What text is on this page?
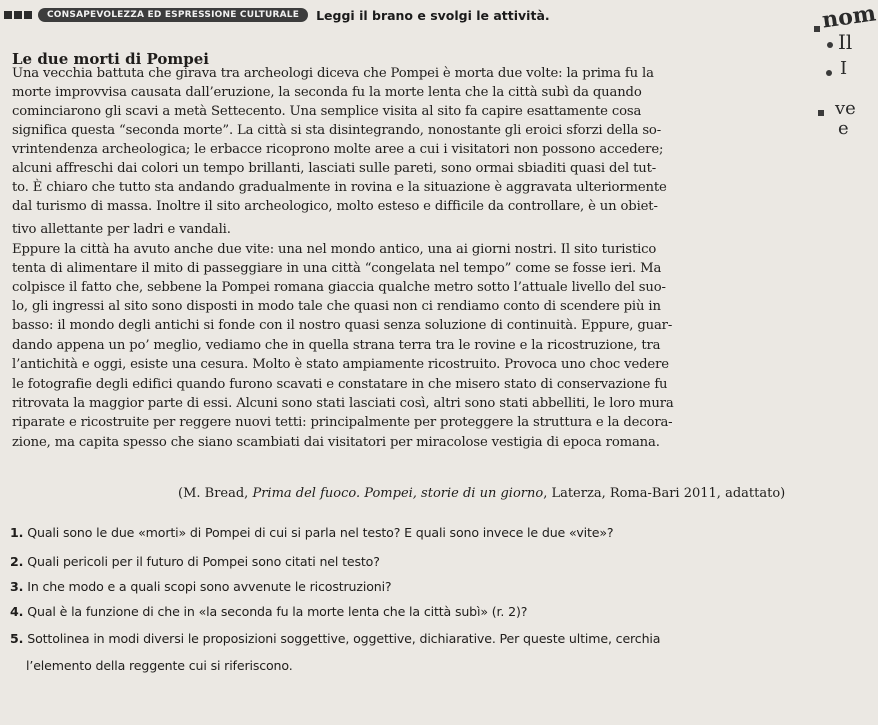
CONSAPEVOLEZZA ED ESPRESSIONE CULTURALE	Leggi il brano e svolgi le attività.
Le due morti di Pompei
Una vecchia battuta che girava tra archeologi diceva che Pompei è morta due volte: la prima fu la
morte improvvisa causata dall’eruzione, la seconda fu la morte lenta che la città subì da quando
cominciarono gli scavi a metà Settecento. Una semplice visita al sito fa capire esattamente cosa
significa questa “seconda morte”. La città si sta disintegrando, nonostante gli eroici sforzi della so-
vrintendenza archeologica; le erbacce ricoprono molte aree a cui i visitatori non possono accedere;
alcuni affreschi dai colori un tempo brillanti, lasciati sulle pareti, sono ormai sbiaditi quasi del tut-
to. È chiaro che tutto sta andando gradualmente in rovina e la situazione è aggravata ulteriormente
dal turismo di massa. Inoltre il sito archeologico, molto esteso e difficile da controllare, è un obiet-
tivo allettante per ladri e vandali.
Eppure la città ha avuto anche due vite: una nel mondo antico, una ai giorni nostri. Il sito turistico
tenta di alimentare il mito di passeggiare in una città “congelata nel tempo” come se fosse ieri. Ma
colpisce il fatto che, sebbene la Pompei romana giaccia qualche metro sotto l’attuale livello del suo-
lo, gli ingressi al sito sono disposti in modo tale che quasi non ci rendiamo conto di scendere più in
basso: il mondo degli antichi si fonde con il nostro quasi senza soluzione di continuità. Eppure, guar-
dando appena un po’ meglio, vediamo che in quella strana terra tra le rovine e la ricostruzione, tra
l’antichità e oggi, esiste una cesura. Molto è stato ampiamente ricostruito. Provoca uno choc vedere
le fotografie degli edifici quando furono scavati e constatare in che misero stato di conservazione fu
ritrovata la maggior parte di essi. Alcuni sono stati lasciati così, altri sono stati abbelliti, le loro mura
riparate e ricostruite per reggere nuovi tetti: principalmente per proteggere la struttura e la decora-
zione, ma capita spesso che siano scambiati dai visitatori per miracolose vestigia di epoca romana.
(M. Bread, Prima del fuoco. Pompei, storie di un giorno, Laterza, Roma-Bari 2011, adattato)
1. Quali sono le due «morti» di Pompei di cui si parla nel testo? E quali sono invece le due «vite»?
2. Quali pericoli per il futuro di Pompei sono citati nel testo?
3. In che modo e a quali scopi sono avvenute le ricostruzioni?
4. Qual è la funzione di che in «la seconda fu la morte lenta che la città subì» (r. 2)?
5. Sottolinea in modi diversi le proposizioni soggettive, oggettive, dichiarative. Per queste ultime, cerchia
l’elemento della reggente cui si riferiscono.
nom
Il
I
ve
e
